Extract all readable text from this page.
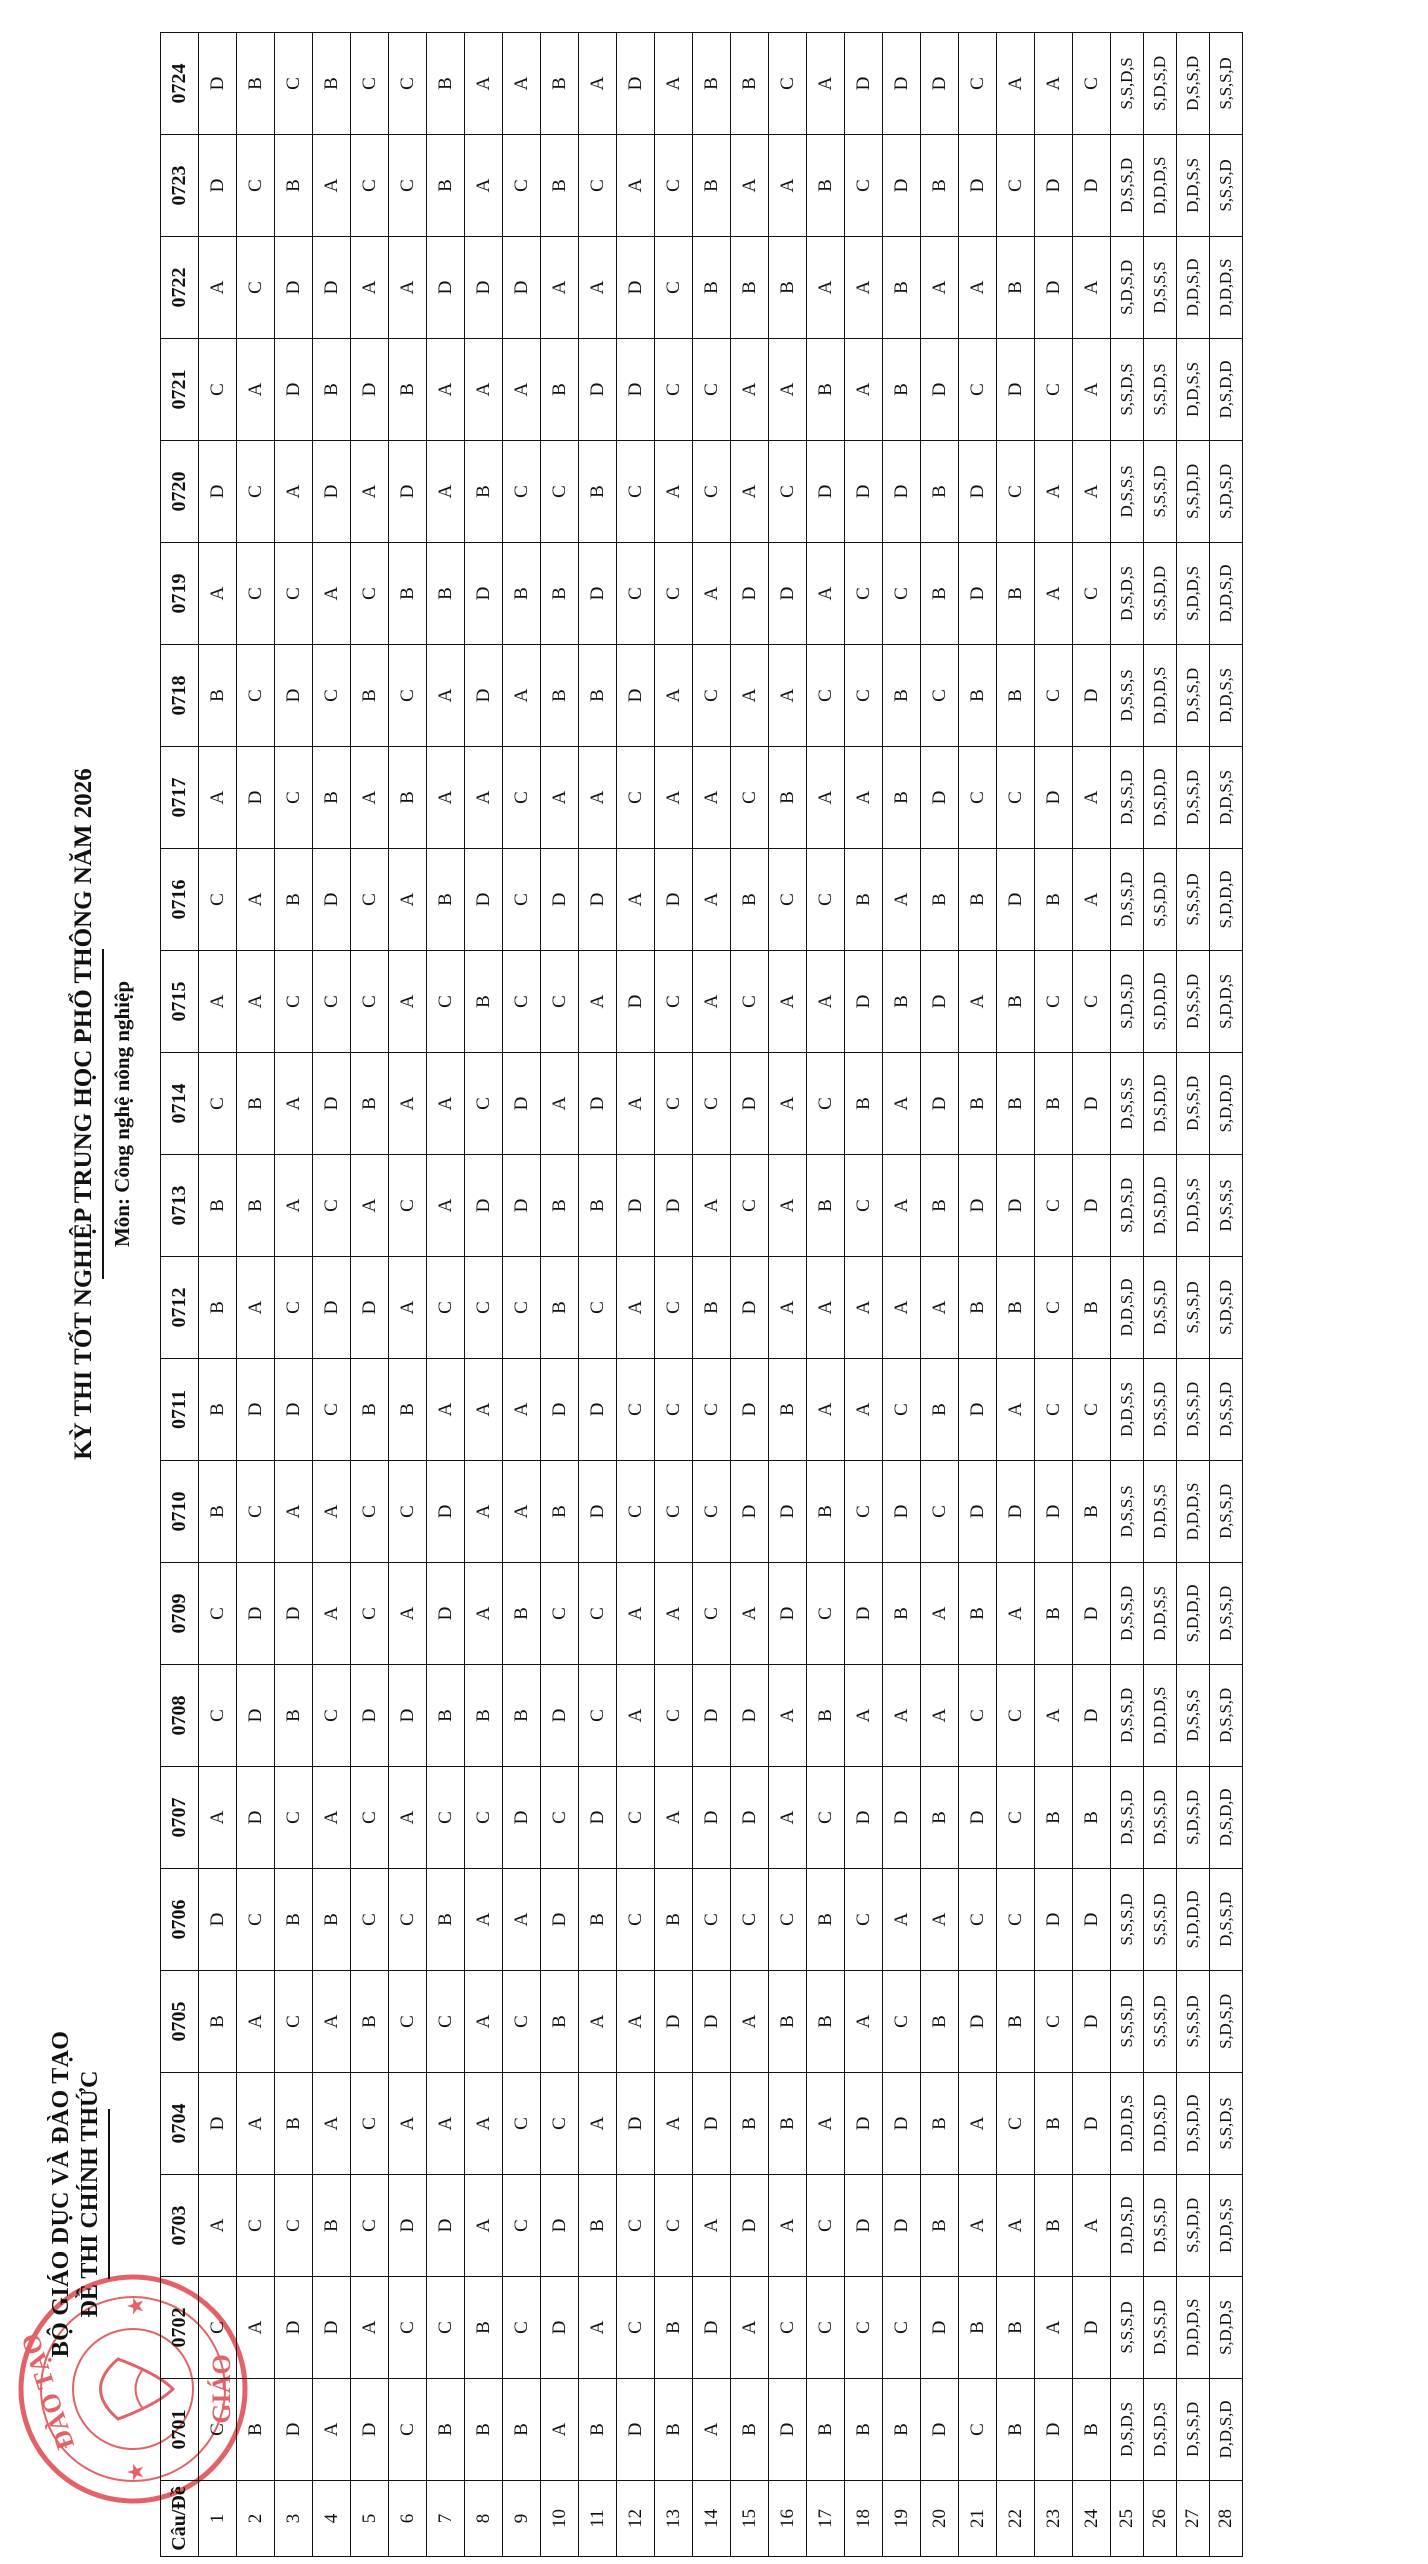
ĐÀO TẠO	GIÁO
★
★
BỘ GIÁO DỤC VÀ ĐÀO TẠO ĐỀ THI CHÍNH THỨC
KỲ THI TỐT NGHIỆP TRUNG HỌC PHỔ THÔNG NĂM 2026 Môn: Công nghệ nông nghiệp
Câu/Đề	0701	0702	0703	0704	0705	0706	0707	0708	0709	0710	0711	0712	0713	0714	0715	0716	0717	0718	0719	0720	0721	0722	0723	0724
1	C	C	A	D	B	D	A	C	C	B	B	B	B	C	A	C	A	B	A	D	C	A	D	D
2	B	A	C	A	A	C	D	D	D	C	D	A	B	B	A	A	D	C	C	C	A	C	C	B
3	D	D	C	B	C	B	C	B	D	A	D	C	A	A	C	B	C	D	C	A	D	D	B	C
4	A	D	B	A	A	B	A	C	A	A	C	D	C	D	C	D	B	C	A	D	B	D	A	B
5	D	A	C	C	B	C	C	D	C	C	B	D	A	B	C	C	A	B	C	A	D	A	C	C
6	C	C	D	A	C	C	A	D	A	C	B	A	C	A	A	A	B	C	B	D	B	A	C	C
7	B	C	D	A	C	B	C	B	D	D	A	C	A	A	C	B	A	A	B	A	A	D	B	B
8	B	B	A	A	A	A	C	B	A	A	A	C	D	C	B	D	A	D	D	B	A	D	A	A
9	B	C	C	C	C	A	D	B	B	A	A	C	D	D	C	C	C	A	B	C	A	D	C	A
10	A	D	D	C	B	D	C	D	C	B	D	B	B	A	C	D	A	B	B	C	B	A	B	B
11	B	A	B	A	A	B	D	C	C	D	D	C	B	D	A	D	A	B	D	B	D	A	C	A
12	D	C	C	D	A	C	C	A	A	C	C	A	D	A	D	A	C	D	C	C	D	D	A	D
13	B	B	C	A	D	B	A	C	A	C	C	C	D	C	C	D	A	A	C	A	C	C	C	A
14	A	D	A	D	D	C	D	D	C	C	C	B	A	C	A	A	A	C	A	C	C	B	B	B
15	B	A	D	B	A	C	D	D	A	D	D	D	C	D	C	B	C	A	D	A	A	B	A	B
16	D	C	A	B	B	C	A	A	D	D	B	A	A	A	A	C	B	A	D	C	A	B	A	C
17	B	C	C	A	B	B	C	B	C	B	A	A	B	C	A	C	A	C	A	D	B	A	B	A
18	B	C	D	D	A	C	D	A	D	C	A	A	C	B	D	B	A	C	C	D	A	A	C	D
19	B	C	D	D	C	A	D	A	B	D	C	A	A	A	B	A	B	B	C	D	B	B	D	D
20	D	D	B	B	B	A	B	A	A	C	B	A	B	D	D	B	D	C	B	B	D	A	B	D
21	C	B	A	A	D	C	D	C	B	D	D	B	D	B	A	B	C	B	D	D	C	A	D	C
22	B	B	A	C	B	C	C	C	A	D	A	B	D	B	B	D	C	B	B	C	D	B	C	A
23	D	A	B	B	C	D	B	A	B	D	C	C	C	B	C	B	D	C	A	A	C	D	D	A
24	B	D	A	D	D	D	B	D	D	B	C	B	D	D	C	A	A	D	C	A	A	A	D	C
25	D,S,D,S	S,S,S,D	D,D,S,D	D,D,D,S	S,S,S,D	S,S,S,D	D,S,S,D	D,S,S,D	D,S,S,D	D,S,S,S	D,D,S,S	D,D,S,D	S,D,S,D	D,S,S,S	S,D,S,D	D,S,S,D	D,S,S,D	D,S,S,S	D,S,D,S	D,S,S,S	S,S,D,S	S,D,S,D	D,S,S,D	S,S,D,S
26	D,S,D,S	D,S,S,D	D,S,S,D	D,D,S,D	S,S,S,D	S,S,S,D	D,S,S,D	D,D,D,S	D,D,S,S	D,D,S,S	D,S,S,D	D,S,S,D	D,S,D,D	D,S,D,D	S,D,D,D	S,S,D,D	D,S,D,D	D,D,D,S	S,S,D,D	S,S,S,D	S,S,D,S	D,S,S,S	D,D,D,S	S,D,S,D
27	D,S,S,D	D,D,D,S	S,S,D,D	D,S,D,D	S,S,S,D	S,D,D,D	S,D,S,D	D,S,S,S	S,D,D,D	D,D,D,S	D,S,S,D	S,S,S,D	D,D,S,S	D,S,S,D	D,S,S,D	S,S,S,D	D,S,S,D	D,S,S,D	S,D,D,S	S,S,D,D	D,D,S,S	D,D,S,D	D,D,S,S	D,S,S,D
28	D,D,S,D	S,D,D,S	D,D,S,S	S,S,D,S	S,D,S,D	D,S,S,D	D,S,D,D	D,S,S,D	D,S,S,D	D,S,S,D	D,S,S,D	S,D,S,D	D,S,S,S	S,D,D,D	S,D,D,S	S,D,D,D	D,D,S,S	D,D,S,S	D,D,S,D	S,D,S,D	D,S,D,D	D,D,D,S	S,S,S,D	S,S,S,D
